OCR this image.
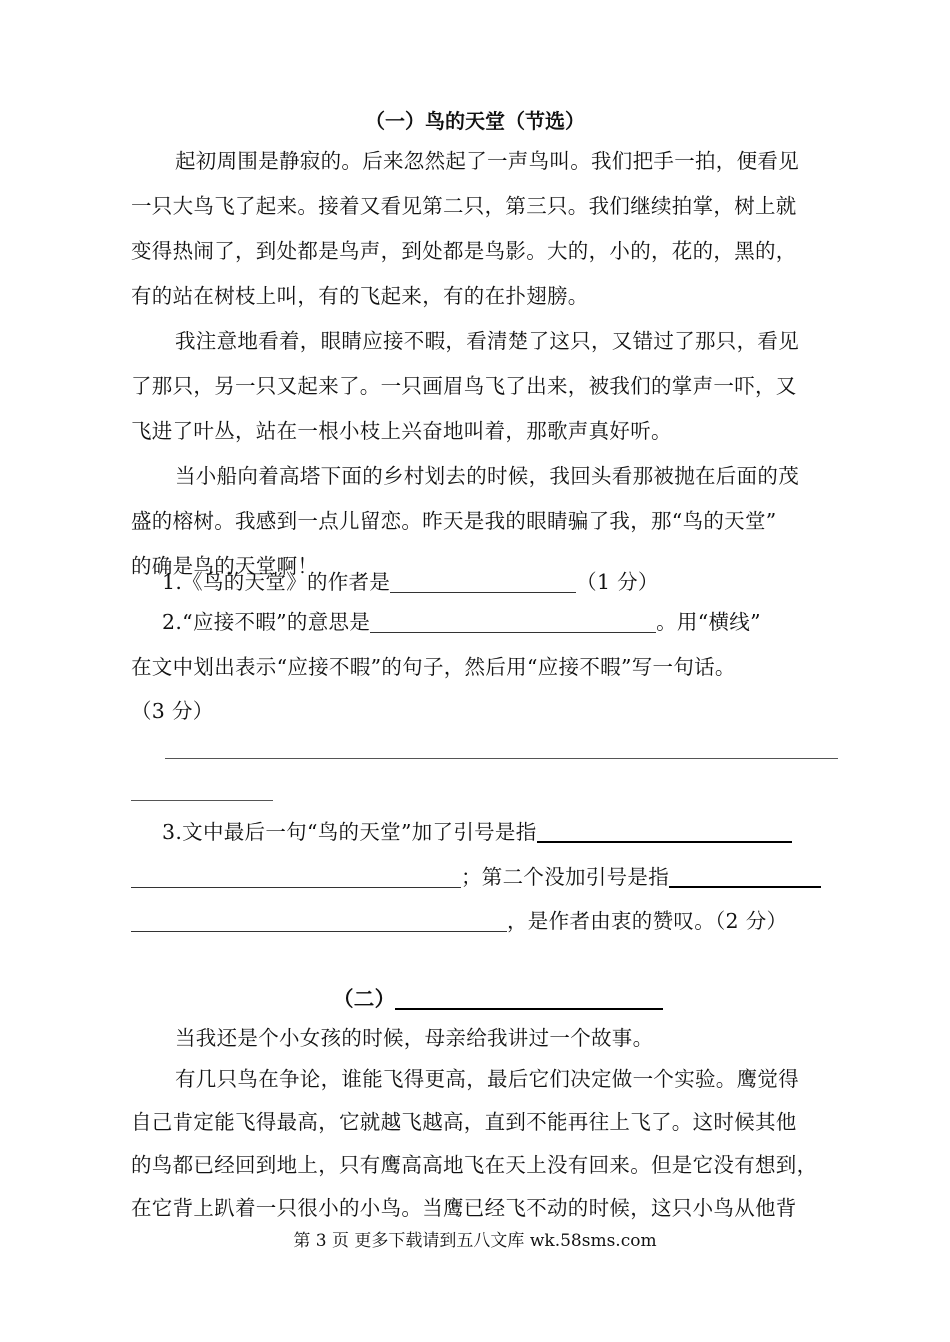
（一）鸟的天堂（节选）
起初周围是静寂的。后来忽然起了一声鸟叫。我们把手一拍，便看见
一只大鸟飞了起来。接着又看见第二只，第三只。我们继续拍掌，树上就
变得热闹了，到处都是鸟声，到处都是鸟影。大的，小的，花的，黑的，
有的站在树枝上叫，有的飞起来，有的在扑翅膀。
我注意地看着，眼睛应接不暇，看清楚了这只，又错过了那只，看见
了那只，另一只又起来了。一只画眉鸟飞了出来，被我们的掌声一吓，又
飞进了叶丛，站在一根小枝上兴奋地叫着，那歌声真好听。
当小船向着高塔下面的乡村划去的时候，我回头看那被抛在后面的茂
盛的榕树。我感到一点儿留恋。昨天是我的眼睛骗了我，那“鸟的天堂”
的确是鸟的天堂啊！
1.《鸟的天堂》的作者是	（1 分）
2.“应接不暇”的意思是	。用“横线”
在文中划出表示“应接不暇”的句子，然后用“应接不暇”写一句话。
（3 分）
3.文中最后一句“鸟的天堂”加了引号是指
；第二个没加引号是指
，是作者由衷的赞叹。（2 分）
（二）
当我还是个小女孩的时候，母亲给我讲过一个故事。
有几只鸟在争论，谁能飞得更高，最后它们决定做一个实验。鹰觉得
自己肯定能飞得最高，它就越飞越高，直到不能再往上飞了。这时候其他
的鸟都已经回到地上，只有鹰高高地飞在天上没有回来。但是它没有想到，
在它背上趴着一只很小的小鸟。当鹰已经飞不动的时候，这只小鸟从他背
第 3 页 更多下载请到五八文库 wk.58sms.com
